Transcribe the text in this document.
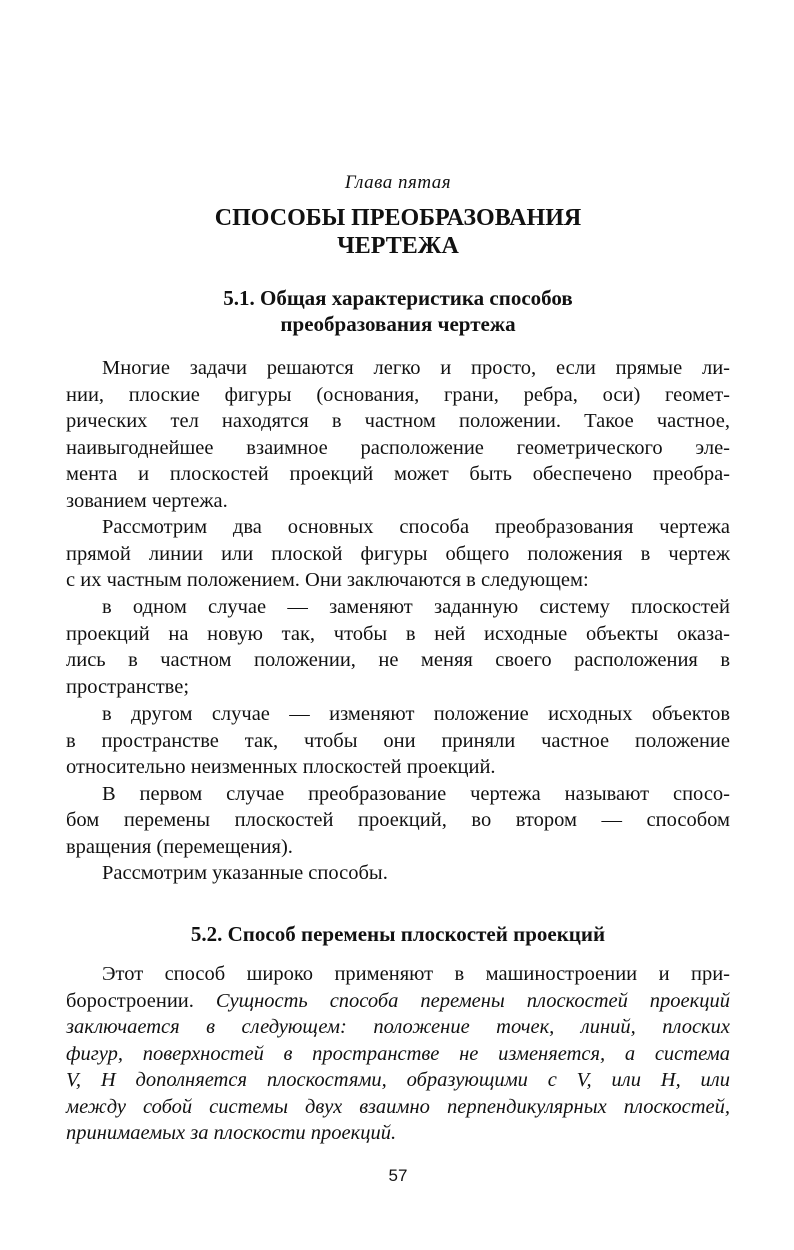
Глава пятая
СПОСОБЫ ПРЕОБРАЗОВАНИЯ
ЧЕРТЕЖА
5.1. Общая характеристика способов
преобразования чертежа
Многие задачи решаются легко и просто, если прямые ли-
нии, плоские фигуры (основания, грани, ребра, оси) геомет-
рических тел находятся в частном положении. Такое частное,
наивыгоднейшее взаимное расположение геометрического эле-
мента и плоскостей проекций может быть обеспечено преобра-
зованием чертежа.
Рассмотрим два основных способа преобразования чертежа
прямой линии или плоской фигуры общего положения в чертеж
с их частным положением. Они заключаются в следующем:
в одном случае — заменяют заданную систему плоскостей
проекций на новую так, чтобы в ней исходные объекты оказа-
лись в частном положении, не меняя своего расположения в
пространстве;
в другом случае — изменяют положение исходных объектов
в пространстве так, чтобы они приняли частное положение
относительно неизменных плоскостей проекций.
В первом случае преобразование чертежа называют спосо-
бом перемены плоскостей проекций, во втором — способом
вращения (перемещения).
Рассмотрим указанные способы.
5.2. Способ перемены плоскостей проекций
Этот способ широко применяют в машиностроении и при-
боростроении. Сущность способа перемены плоскостей проекций
заключается в следующем: положение точек, линий, плоских
фигур, поверхностей в пространстве не изменяется, а система
V, H дополняется плоскостями, образующими с V, или H, или
между собой системы двух взаимно перпендикулярных плоскостей,
принимаемых за плоскости проекций.
57
